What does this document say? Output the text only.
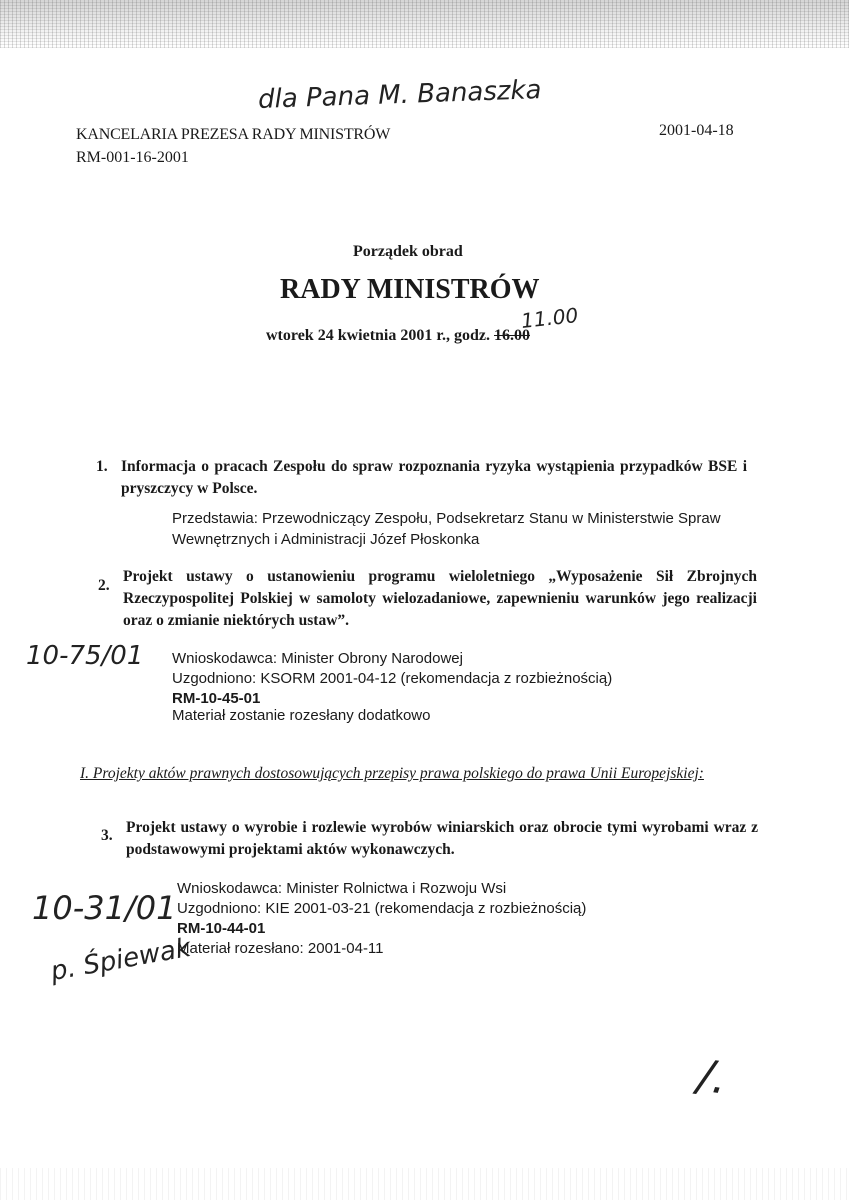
dla Pana M. Banaszka
KANCELARIA PREZESA RADY MINISTRÓW
RM-001-16-2001
2001-04-18
Porządek obrad
RADY MINISTRÓW
wtorek 24 kwietnia 2001 r., godz. 16.00
11.00
1. Informacja o pracach Zespołu do spraw rozpoznania ryzyka wystąpienia przypadków BSE i pryszczycy w Polsce.
Przedstawia: Przewodniczący Zespołu, Podsekretarz Stanu w Ministerstwie Spraw
Wewnętrznych i Administracji Józef Płoskonka
2.
Projekt ustawy o ustanowieniu programu wieloletniego „Wyposażenie Sił Zbrojnych Rzeczypospolitej Polskiej w samoloty wielozadaniowe, zapewnieniu warunków jego realizacji oraz o zmianie niektórych ustaw”.
10-75/01 Wnioskodawca: Minister Obrony Narodowej
Uzgodniono: KSORM 2001-04-12 (rekomendacja z rozbieżnością)
RM-10-45-01
Materiał zostanie rozesłany dodatkowo
I. Projekty aktów prawnych dostosowujących przepisy prawa polskiego do prawa Unii Europejskiej:
3. Projekt ustawy o wyrobie i rozlewie wyrobów winiarskich oraz obrocie tymi wyrobami wraz z podstawowymi projektami aktów wykonawczych.
10-31/01
p. Śpiewak
Wnioskodawca: Minister Rolnictwa i Rozwoju Wsi
Uzgodniono: KIE 2001-03-21 (rekomendacja z rozbieżnością)
RM-10-44-01
Materiał rozesłano: 2001-04-11
/.
